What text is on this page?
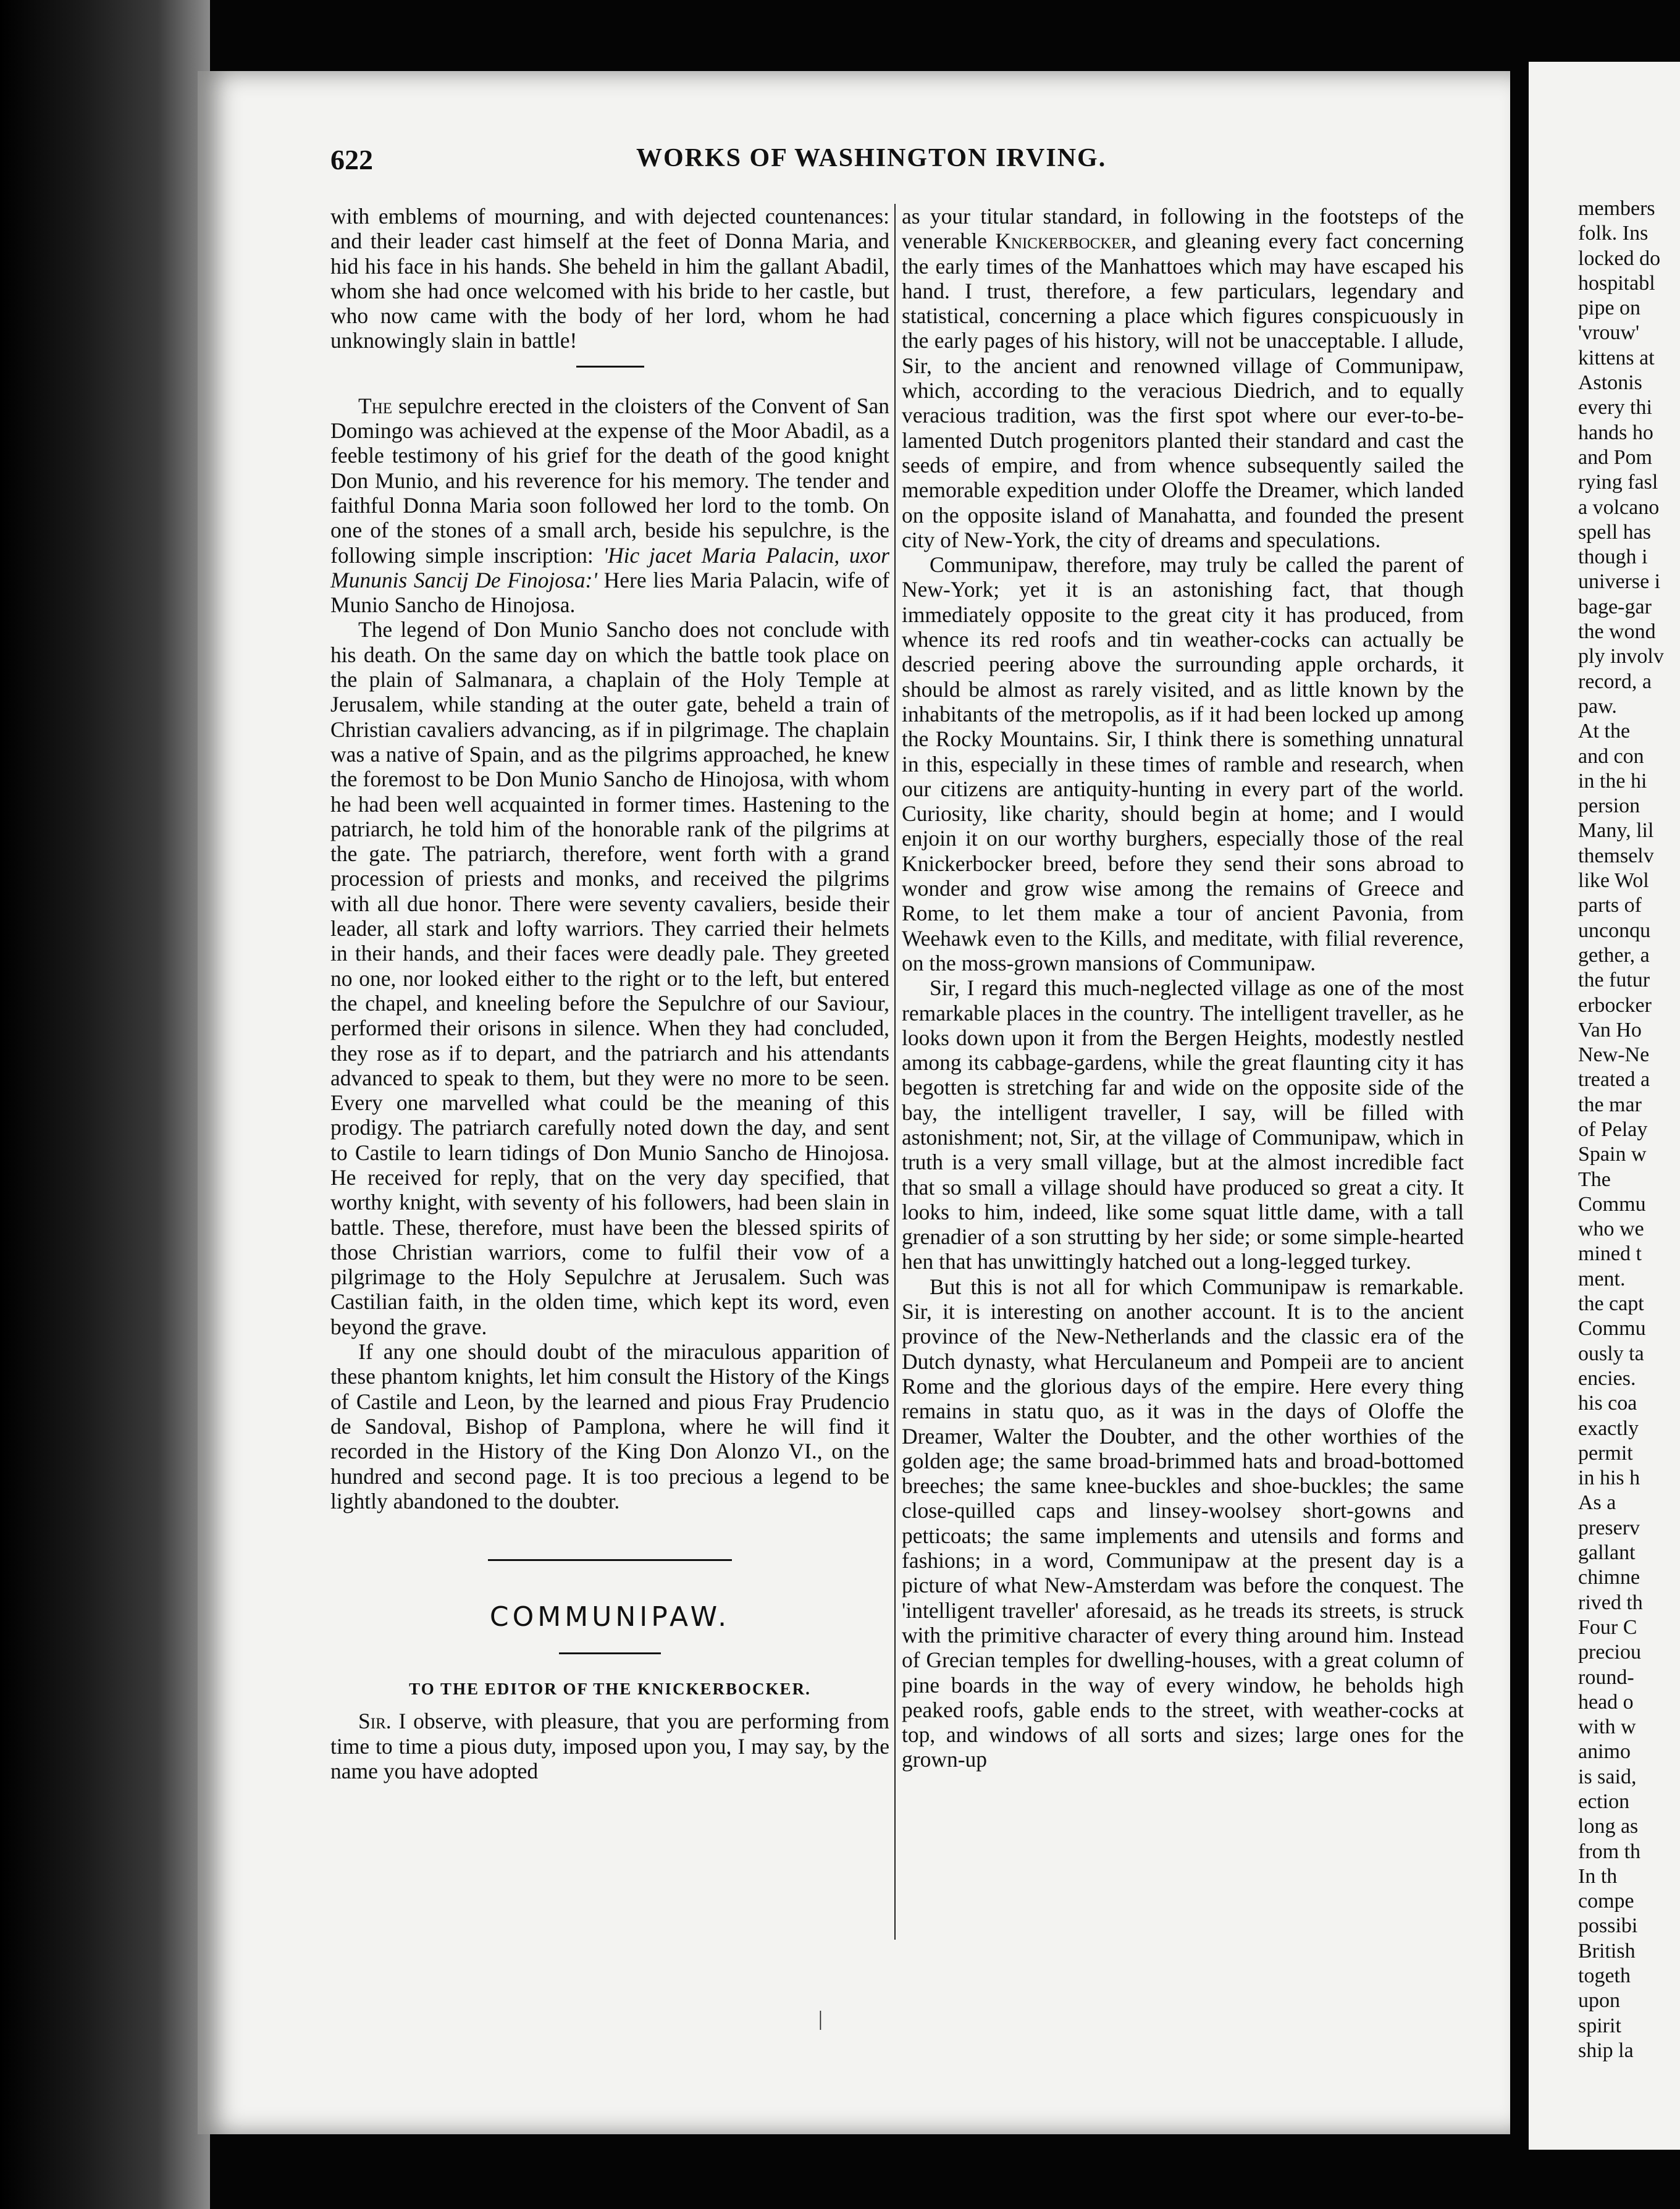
622	WORKS OF WASHINGTON IRVING.

with emblems of mourning, and with dejected countenances: and their leader cast himself at the feet of Donna Maria, and hid his face in his hands. She beheld in him the gallant Abadil, whom she had once welcomed with his bride to her castle, but who now came with the body of her lord, whom he had unknowingly slain in battle!

The sepulchre erected in the cloisters of the Convent of San Domingo was achieved at the expense of the Moor Abadil, as a feeble testimony of his grief for the death of the good knight Don Munio, and his reverence for his memory. The tender and faithful Donna Maria soon followed her lord to the tomb. On one of the stones of a small arch, beside his sepulchre, is the following simple inscription: 'Hic jacet Maria Palacin, uxor Mununis Sancij De Finojosa:' Here lies Maria Palacin, wife of Munio Sancho de Hinojosa.

The legend of Don Munio Sancho does not conclude with his death. On the same day on which the battle took place on the plain of Salmanara, a chaplain of the Holy Temple at Jerusalem, while standing at the outer gate, beheld a train of Christian cavaliers advancing, as if in pilgrimage. The chaplain was a native of Spain, and as the pilgrims approached, he knew the foremost to be Don Munio Sancho de Hinojosa, with whom he had been well acquainted in former times. Hastening to the patriarch, he told him of the honorable rank of the pilgrims at the gate. The patriarch, therefore, went forth with a grand procession of priests and monks, and received the pilgrims with all due honor. There were seventy cavaliers, beside their leader, all stark and lofty warriors. They carried their helmets in their hands, and their faces were deadly pale. They greeted no one, nor looked either to the right or to the left, but entered the chapel, and kneeling before the Sepulchre of our Saviour, performed their orisons in silence. When they had concluded, they rose as if to depart, and the patriarch and his attendants advanced to speak to them, but they were no more to be seen. Every one marvelled what could be the meaning of this prodigy. The patriarch carefully noted down the day, and sent to Castile to learn tidings of Don Munio Sancho de Hinojosa. He received for reply, that on the very day specified, that worthy knight, with seventy of his followers, had been slain in battle. These, therefore, must have been the blessed spirits of those Christian warriors, come to fulfil their vow of a pilgrimage to the Holy Sepulchre at Jerusalem. Such was Castilian faith, in the olden time, which kept its word, even beyond the grave.

If any one should doubt of the miraculous apparition of these phantom knights, let him consult the History of the Kings of Castile and Leon, by the learned and pious Fray Prudencio de Sandoval, Bishop of Pamplona, where he will find it recorded in the History of the King Don Alonzo VI., on the hundred and second page. It is too precious a legend to be lightly abandoned to the doubter.

COMMUNIPAW.
TO THE EDITOR OF THE KNICKERBOCKER.

Sir. I observe, with pleasure, that you are performing from time to time a pious duty, imposed upon you, I may say, by the name you have adopted

as your titular standard, in following in the footsteps of the venerable Knickerbocker, and gleaning every fact concerning the early times of the Manhattoes which may have escaped his hand. I trust, therefore, a few particulars, legendary and statistical, concerning a place which figures conspicuously in the early pages of his history, will not be unacceptable. I allude, Sir, to the ancient and renowned village of Communipaw, which, according to the veracious Diedrich, and to equally veracious tradition, was the first spot where our ever-to-be-lamented Dutch progenitors planted their standard and cast the seeds of empire, and from whence subsequently sailed the memorable expedition under Oloffe the Dreamer, which landed on the opposite island of Manahatta, and founded the present city of New-York, the city of dreams and speculations.

Communipaw, therefore, may truly be called the parent of New-York; yet it is an astonishing fact, that though immediately opposite to the great city it has produced, from whence its red roofs and tin weather-cocks can actually be descried peering above the surrounding apple orchards, it should be almost as rarely visited, and as little known by the inhabitants of the metropolis, as if it had been locked up among the Rocky Mountains. Sir, I think there is something unnatural in this, especially in these times of ramble and research, when our citizens are antiquity-hunting in every part of the world. Curiosity, like charity, should begin at home; and I would enjoin it on our worthy burghers, especially those of the real Knickerbocker breed, before they send their sons abroad to wonder and grow wise among the remains of Greece and Rome, to let them make a tour of ancient Pavonia, from Weehawk even to the Kills, and meditate, with filial reverence, on the moss-grown mansions of Communipaw.

Sir, I regard this much-neglected village as one of the most remarkable places in the country. The intelligent traveller, as he looks down upon it from the Bergen Heights, modestly nestled among its cabbage-gardens, while the great flaunting city it has begotten is stretching far and wide on the opposite side of the bay, the intelligent traveller, I say, will be filled with astonishment; not, Sir, at the village of Communipaw, which in truth is a very small village, but at the almost incredible fact that so small a village should have produced so great a city. It looks to him, indeed, like some squat little dame, with a tall grenadier of a son strutting by her side; or some simple-hearted hen that has unwittingly hatched out a long-legged turkey.

But this is not all for which Communipaw is remarkable. Sir, it is interesting on another account. It is to the ancient province of the New-Netherlands and the classic era of the Dutch dynasty, what Herculaneum and Pompeii are to ancient Rome and the glorious days of the empire. Here every thing remains in statu quo, as it was in the days of Oloffe the Dreamer, Walter the Doubter, and the other worthies of the golden age; the same broad-brimmed hats and broad-bottomed breeches; the same knee-buckles and shoe-buckles; the same close-quilled caps and linsey-woolsey short-gowns and petticoats; the same implements and utensils and forms and fashions; in a word, Communipaw at the present day is a picture of what New-Amsterdam was before the conquest. The 'intelligent traveller' aforesaid, as he treads its streets, is struck with the primitive character of every thing around him. Instead of Grecian temples for dwelling-houses, with a great column of pine boards in the way of every window, he beholds high peaked roofs, gable ends to the street, with weather-cocks at top, and windows of all sorts and sizes; large ones for the grown-up

members
folk. Ins
locked do
hospitabl
pipe on
'vrouw'
kittens at
Astonis
every thi
hands ho
and Pom
rying fasl
a volcano
spell has
though i
universe i
bage-gar
the wond
ply involv
record, a
paw.
At the
and con
in the hi
persion
Many, lil
themselv
like Wol
parts of
unconqu
gether, a
the futur
erbocker
Van Ho
New-Ne
treated a
the mar
of Pelay
Spain w
The
Commu
who we
mined t
ment.
the capt
Commu
ously ta
encies.
his coa
exactly
permit
in his h
As a
preserv
gallant
chimne
rived th
Four C
preciou
round-
head o
with w
animo
is said,
ection
long as
from th
In th
compe
possibi
British
togeth
upon
spirit
ship la
|
